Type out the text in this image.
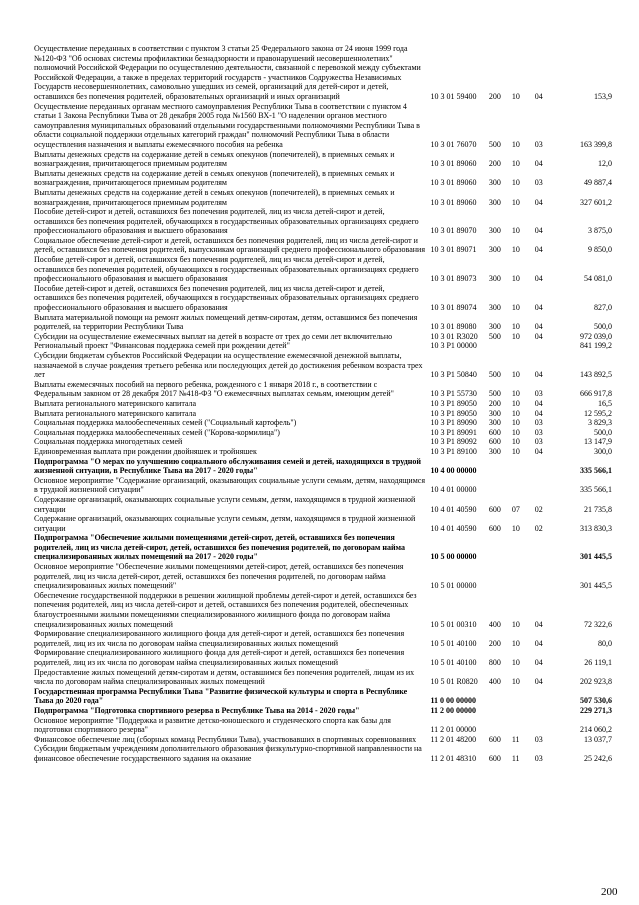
Осуществление переданных в соответствии с пунктом 3 статьи 25 Федерального закона от 24 июня 1999 года №120-ФЗ "Об основах системы профилактики безнадзорности и правонарушений несовершеннолетних" полномочий Российской Федерации по осуществлению деятельности, связанной с перевозкой между субъектами Российской Федерации, а также в пределах территорий государств - участников Содружества Независимых Государств несовершеннолетних, самовольно ушедших из семей, организаций для детей-сирот и детей, оставшихся без попечения родителей, образовательных организаций и иных организаций	10 3 01 59400	200	10	04	153,9
Осуществление переданных органам местного самоуправления Республики Тыва в соответствии с пунктом 4 статьи 1 Закона Республики Тыва от 28 декабря 2005 года №1560 ВХ-1 "О наделении органов местного самоуправления муниципальных образований отдельными государственными полномочиями Республики Тыва в области социальной поддержки отдельных категорий граждан" полномочий Республики Тыва в области осуществления назначения и выплаты ежемесячного пособия на ребенка	10 3 01 76070	500	10	03	163 399,8
Выплаты денежных средств на содержание детей в семьях опекунов (попечителей), в приемных семьях и вознаграждения, причитающегося приемным родителям	10 3 01 89060	200	10	04	12,0
Выплаты денежных средств на содержание детей в семьях опекунов (попечителей), в приемных семьях и вознаграждения, причитающегося приемным родителям	10 3 01 89060	300	10	03	49 887,4
Выплаты денежных средств на содержание детей в семьях опекунов (попечителей), в приемных семьях и вознаграждения, причитающегося приемным родителям	10 3 01 89060	300	10	04	327 601,2
Пособие детей-сирот и детей, оставшихся без попечения родителей, лиц из числа детей-сирот и детей, оставшихся без попечения родителей, обучающихся в государственных образовательных организациях среднего профессионального образования и высшего образования	10 3 01 89070	300	10	04	3 875,0
Социальное обеспечение детей-сирот и детей, оставшихся без попечения родителей, лиц из числа детей-сирот и детей, оставшихся без попечения родителей, выпускникам организаций среднего профессионального образования	10 3 01 89071	300	10	04	9 850,0
Пособие детей-сирот и детей, оставшихся без попечения родителей, лиц из числа детей-сирот и детей, оставшихся без попечения родителей, обучающихся в государственных образовательных организациях среднего профессионального образования и высшего образования	10 3 01 89073	300	10	04	54 081,0
Пособие детей-сирот и детей, оставшихся без попечения родителей, лиц из числа детей-сирот и детей, оставшихся без попечения родителей, обучающихся в государственных образовательных организациях среднего профессионального образования и высшего образования	10 3 01 89074	300	10	04	827,0
Выплата материальной помощи на ремонт жилых помещений детям-сиротам, детям, оставшимся без попечения родителей, на территории Республики Тыва	10 3 01 89080	300	10	04	500,0
Субсидии на осуществление ежемесячных выплат на детей в возрасте от трех до семи лет включительно	10 3 01 R3020	500	10	04	972 039,0
Региональный проект "Финансовая поддержка семей при рождении детей"	10 3 P1 00000				841 199,2
Субсидии бюджетам субъектов Российской Федерации на осуществление ежемесячной денежной выплаты, назначаемой в случае рождения третьего ребенка или последующих детей до достижения ребенком возраста трех лет	10 3 P1 50840	500	10	04	143 892,5
Выплаты ежемесячных пособий на первого ребенка, рожденного с 1 января 2018 г., в соответствии с Федеральным законом от 28 декабря 2017 №418-ФЗ "О ежемесячных выплатах семьям, имеющим детей"	10 3 P1 55730	500	10	03	666 917,8
Выплата регионального материнского капитала	10 3 P1 89050	200	10	04	16,5
Выплата регионального материнского капитала	10 3 P1 89050	300	10	04	12 595,2
Социальная поддержка малообеспеченных семей ("Социальный картофель")	10 3 P1 89090	300	10	03	3 829,3
Социальная поддержка малообеспеченных семей ("Корова-кормилица")	10 3 P1 89091	600	10	03	500,0
Социальная поддержка многодетных семей	10 3 P1 89092	600	10	03	13 147,9
Единовременная выплата при рождении двойняшек и тройняшек	10 3 P1 89100	300	10	04	300,0
Подпрограмма "О мерах по улучшению социального обслуживания семей и детей, находящихся в трудной жизненной ситуации, в Республике Тыва на 2017 - 2020 годы"	10 4 00 00000				335 566,1
Основное мероприятие "Содержание организаций, оказывающих социальные услуги семьям, детям, находящимся в трудной жизненной ситуации"	10 4 01 00000				335 566,1
Содержание организаций, оказывающих социальные услуги семьям, детям, находящимся в трудной жизненной ситуации	10 4 01 40590	600	07	02	21 735,8
Содержание организаций, оказывающих социальные услуги семьям, детям, находящимся в трудной жизненной ситуации	10 4 01 40590	600	10	02	313 830,3
Подпрограмма "Обеспечение жилыми помещениями детей-сирот, детей, оставшихся без попечения родителей, лиц из числа детей-сирот, детей, оставшихся без попечения родителей, по договорам найма специализированных жилых помещений на 2017 - 2020 годы"	10 5 00 00000				301 445,5
Основное мероприятие "Обеспечение жилыми помещениями детей-сирот, детей, оставшихся без попечения родителей, лиц из числа детей-сирот, детей, оставшихся без попечения родителей, по договорам найма специализированных жилых помещений"	10 5 01 00000				301 445,5
Обеспечение государственной поддержки в решении жилищной проблемы детей-сирот и детей, оставшихся без попечения родителей, лиц из числа детей-сирот и детей, оставшихся без попечения родителей, обеспеченных благоустроенными жилыми помещениями специализированного жилищного фонда по договорам найма специализированных жилых помещений	10 5 01 00310	400	10	04	72 322,6
Формирование специализированного жилищного фонда для детей-сирот и детей, оставшихся без попечения родителей, лиц из их числа по договорам найма специализированных жилых помещений	10 5 01 40100	200	10	04	80,0
Формирование специализированного жилищного фонда для детей-сирот и детей, оставшихся без попечения родителей, лиц из их числа по договорам найма специализированных жилых помещений	10 5 01 40100	800	10	04	26 119,1
Предоставление жилых помещений детям-сиротам и детям, оставшимся без попечения родителей, лицам из их числа по договорам найма специализированных жилых помещений	10 5 01 R0820	400	10	04	202 923,8
Государственная программа Республики Тыва "Развитие физической культуры и спорта в Республике Тыва до 2020 года"	11 0 00 00000				507 530,6
Подпрограмма "Подготовка спортивного резерва в Республике Тыва на 2014 - 2020 годы"	11 2 00 00000				229 271,3
Основное мероприятие "Поддержка и развитие детско-юношеского и студенческого спорта как базы для подготовки спортивного резерва"	11 2 01 00000				214 060,2
Финансовое обеспечение лиц (сборных команд Республики Тыва), участвовавших в спортивных соревнованиях	11 2 01 48200	600	11	03	13 037,7
Субсидии бюджетным учреждениям дополнительного образования физкультурно-спортивной направленности на финансовое обеспечение государственного задания на оказание	11 2 01 48310	600	11	03	25 242,6
200
